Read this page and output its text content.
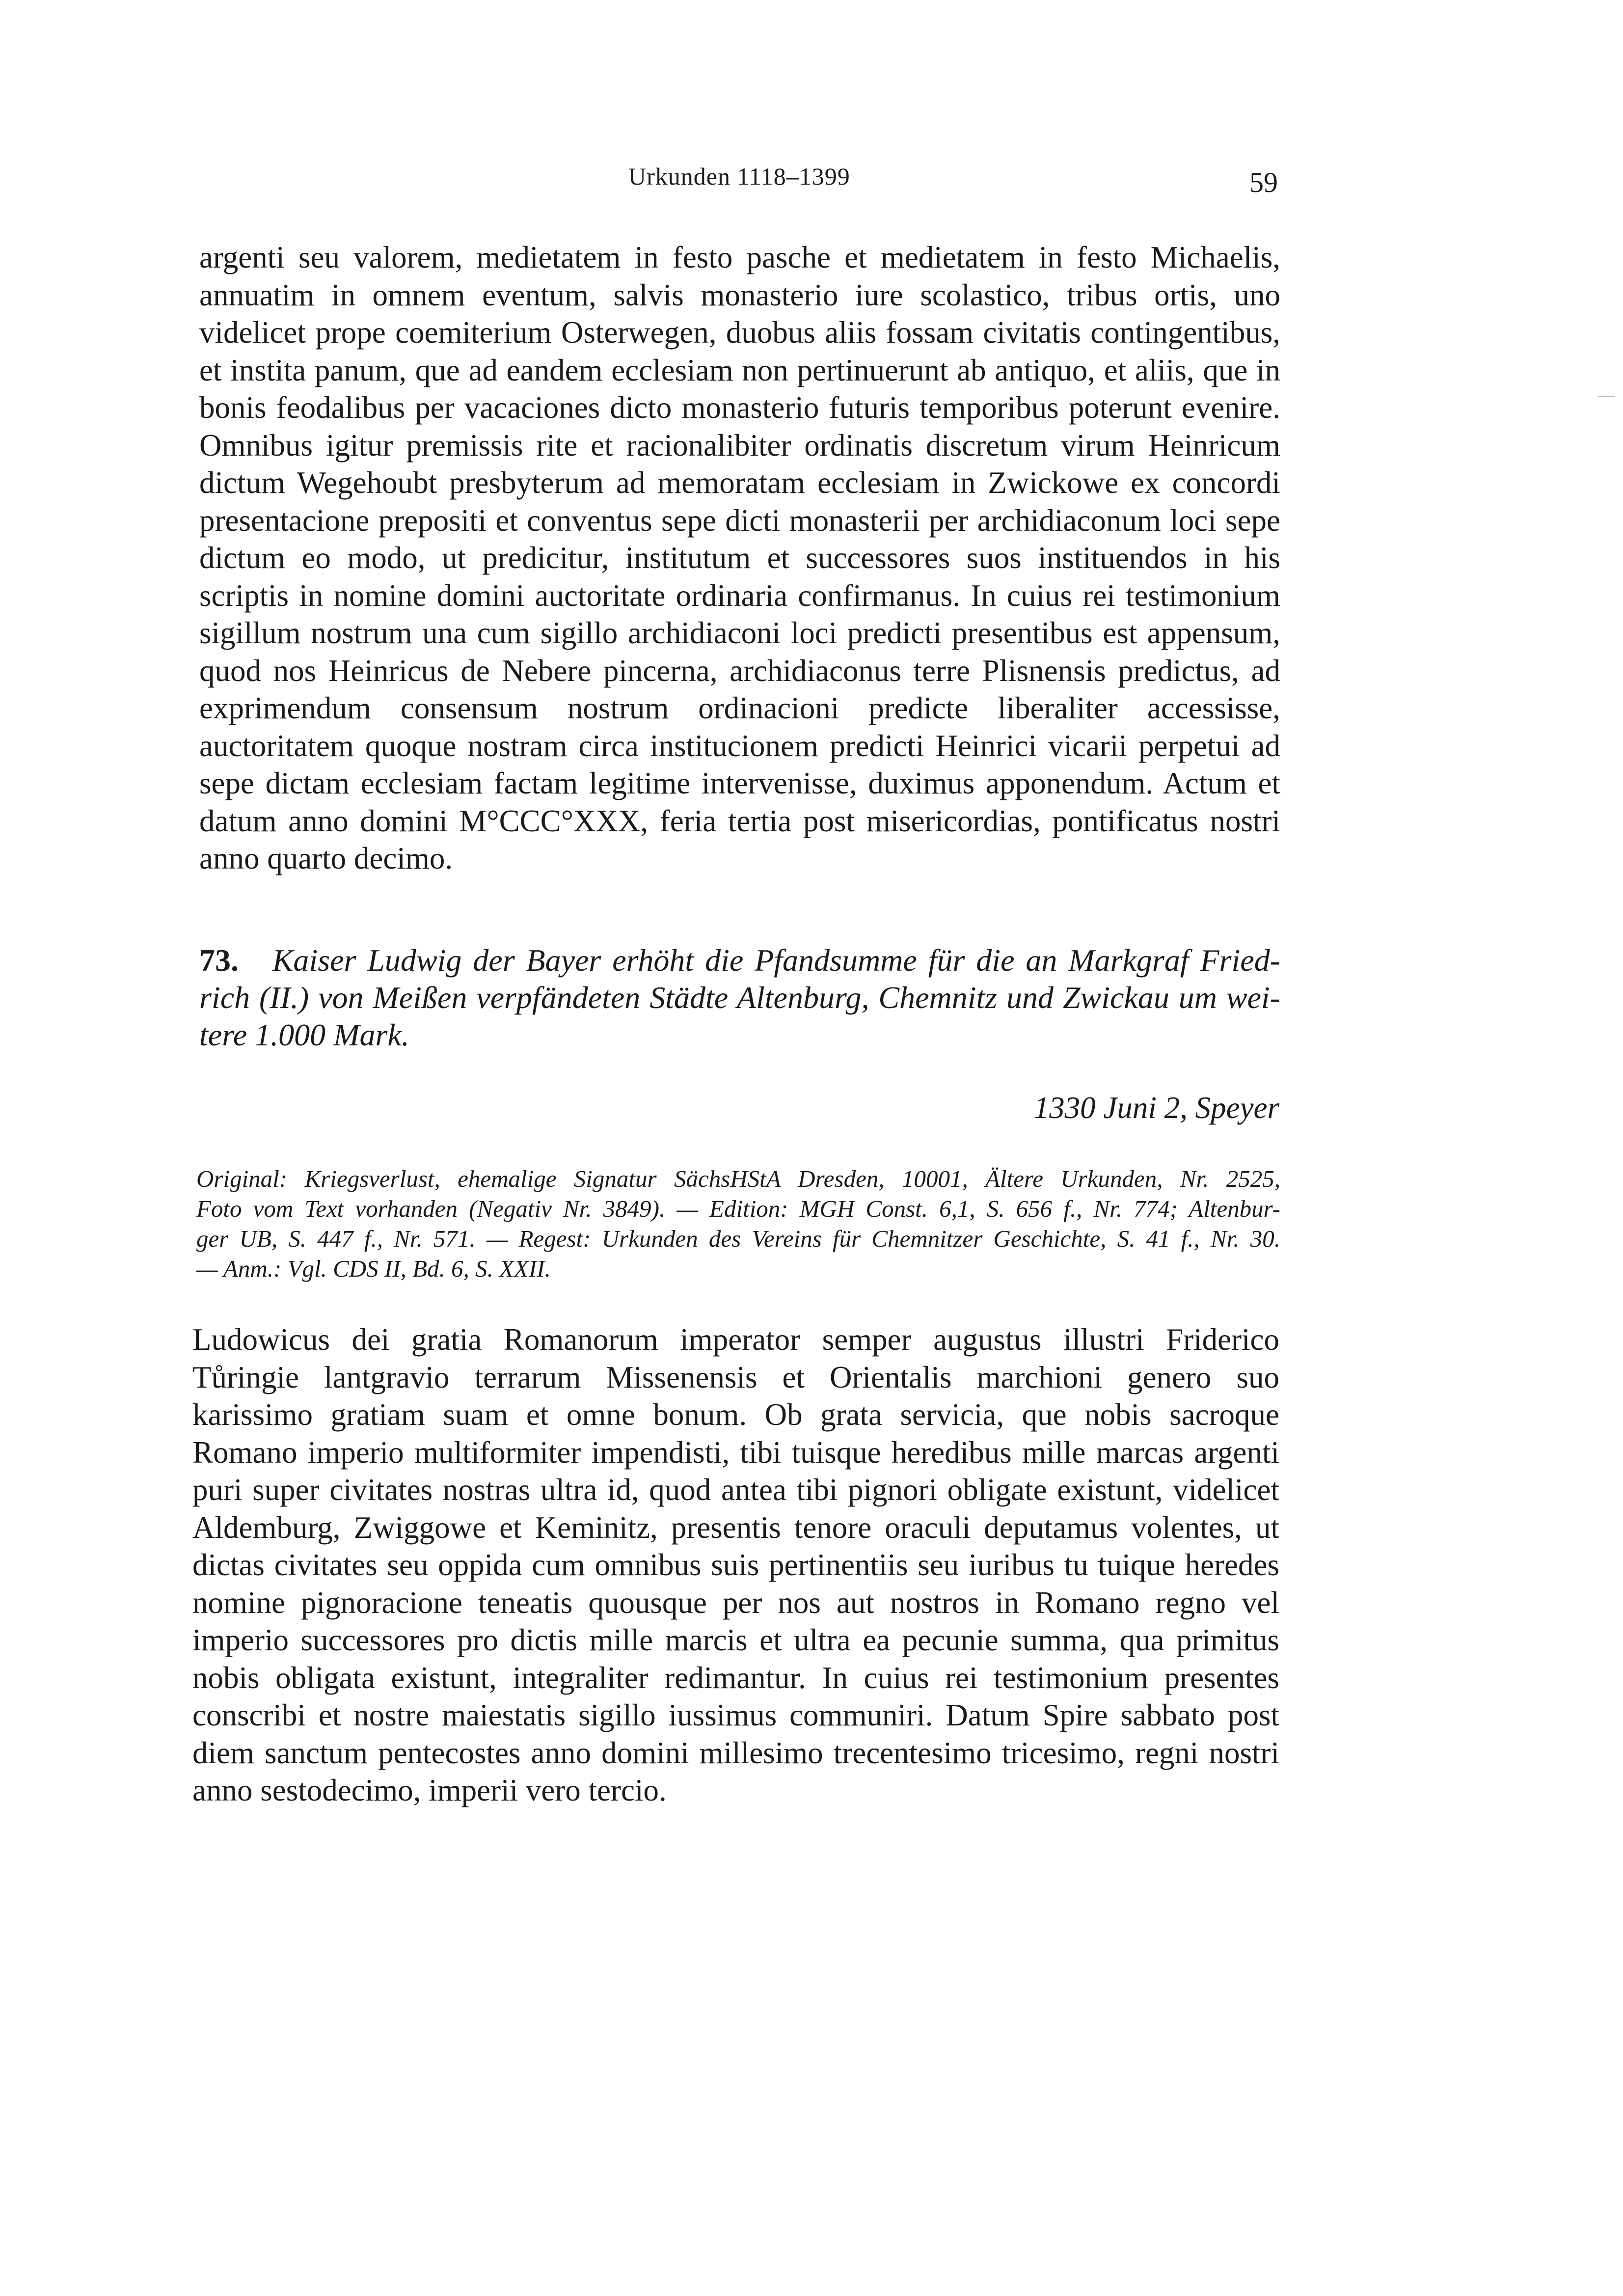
Urkunden 1118–1399	59
argenti seu valorem, medietatem in festo pasche et medietatem in festo Michaelis,
annuatim in omnem eventum, salvis monasterio iure scolastico, tribus ortis, uno
videlicet prope coemiterium Osterwegen, duobus aliis fossam civitatis contingentibus,
et instita panum, que ad eandem ecclesiam non pertinuerunt ab antiquo, et aliis, que in
bonis feodalibus per vacaciones dicto monasterio futuris temporibus poterunt evenire.
Omnibus igitur premissis rite et racionalibiter ordinatis discretum virum Heinricum
dictum Wegehoubt presbyterum ad memoratam ecclesiam in Zwickowe ex concordi
presentacione prepositi et conventus sepe dicti monasterii per archidiaconum loci sepe
dictum eo modo, ut predicitur, institutum et successores suos instituendos in his
scriptis in nomine domini auctoritate ordinaria confirmanus. In cuius rei testimonium
sigillum nostrum una cum sigillo archidiaconi loci predicti presentibus est appensum,
quod nos Heinricus de Nebere pincerna, archidiaconus terre Plisnensis predictus, ad
exprimendum consensum nostrum ordinacioni predicte liberaliter accessisse,
auctoritatem quoque nostram circa institucionem predicti Heinrici vicarii perpetui ad
sepe dictam ecclesiam factam legitime intervenisse, duximus apponendum. Actum et
datum anno domini M°CCC°XXX, feria tertia post misericordias, pontificatus nostri
anno quarto decimo.
73. Kaiser Ludwig der Bayer erhöht die Pfandsumme für die an Markgraf Fried-
rich (II.) von Meißen verpfändeten Städte Altenburg, Chemnitz und Zwickau um wei-
tere 1.000 Mark.
1330 Juni 2, Speyer
Original: Kriegsverlust, ehemalige Signatur SächsHStA Dresden, 10001, Ältere Urkunden, Nr. 2525,
Foto vom Text vorhanden (Negativ Nr. 3849). — Edition: MGH Const. 6,1, S. 656 f., Nr. 774; Altenbur-
ger UB, S. 447 f., Nr. 571. — Regest: Urkunden des Vereins für Chemnitzer Geschichte, S. 41 f., Nr. 30.
— Anm.: Vgl. CDS II, Bd. 6, S. XXII.
Ludowicus dei gratia Romanorum imperator semper augustus illustri Friderico
Tůringie lantgravio terrarum Missenensis et Orientalis marchioni genero suo
karissimo gratiam suam et omne bonum. Ob grata servicia, que nobis sacroque
Romano imperio multiformiter impendisti, tibi tuisque heredibus mille marcas argenti
puri super civitates nostras ultra id, quod antea tibi pignori obligate existunt, videlicet
Aldemburg, Zwiggowe et Keminitz, presentis tenore oraculi deputamus volentes, ut
dictas civitates seu oppida cum omnibus suis pertinentiis seu iuribus tu tuique heredes
nomine pignoracione teneatis quousque per nos aut nostros in Romano regno vel
imperio successores pro dictis mille marcis et ultra ea pecunie summa, qua primitus
nobis obligata existunt, integraliter redimantur. In cuius rei testimonium presentes
conscribi et nostre maiestatis sigillo iussimus communiri. Datum Spire sabbato post
diem sanctum pentecostes anno domini millesimo trecentesimo tricesimo, regni nostri
anno sestodecimo, imperii vero tercio.
